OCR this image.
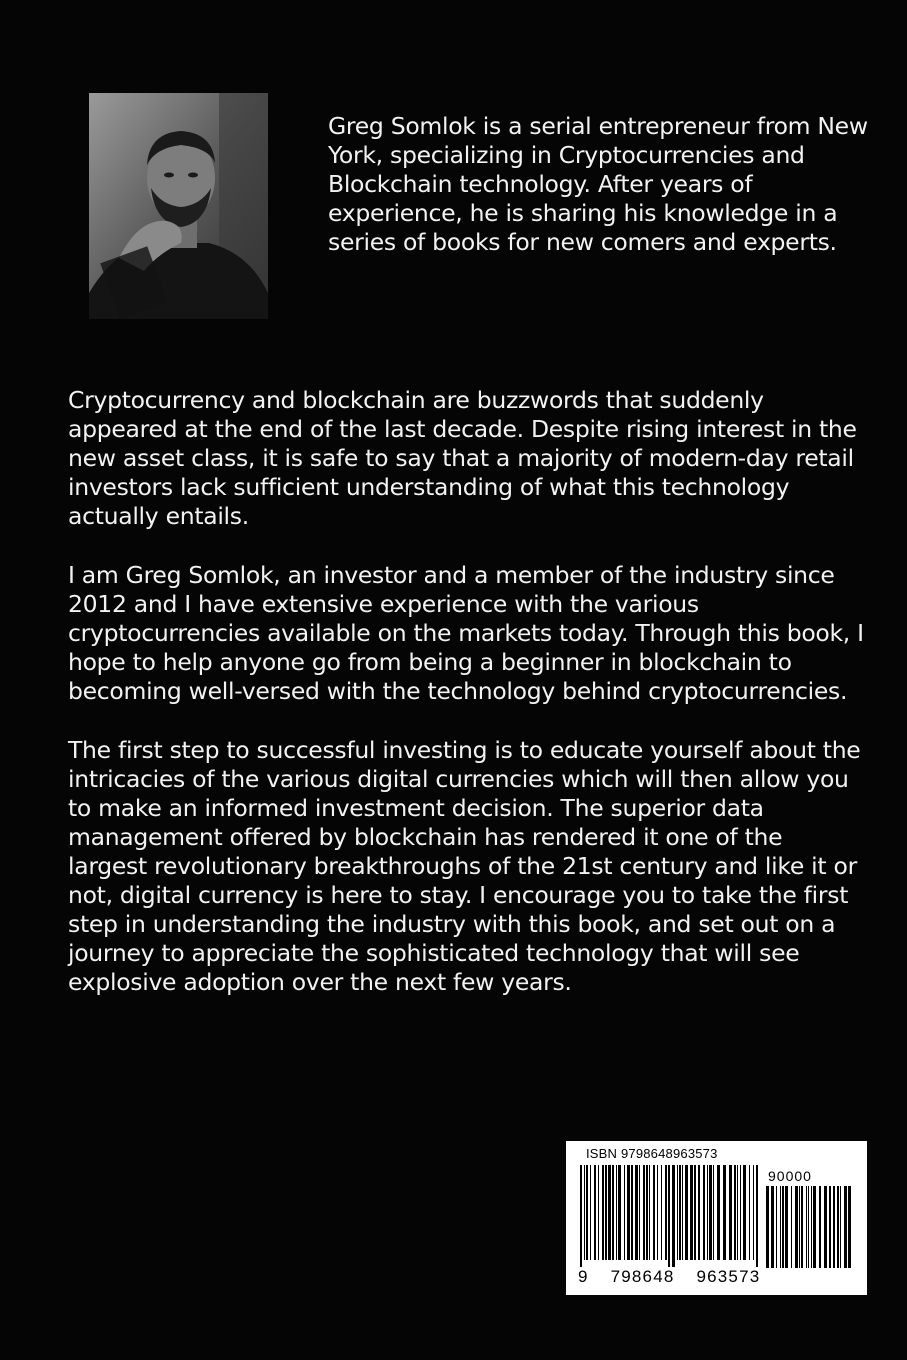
Greg Somlok is a serial entrepreneur from New York, specializing in Cryptocurrencies and Blockchain technology. After years of experience, he is sharing his knowledge in a series of books for new comers and experts.

Cryptocurrency and blockchain are buzzwords that suddenly appeared at the end of the last decade. Despite rising interest in the new asset class, it is safe to say that a majority of modern-day retail investors lack sufficient understanding of what this technology actually entails.

I am Greg Somlok, an investor and a member of the industry since 2012 and I have extensive experience with the various cryptocurrencies available on the markets today. Through this book, I hope to help anyone go from being a beginner in blockchain to becoming well-versed with the technology behind cryptocurrencies.

The first step to successful investing is to educate yourself about the intricacies of the various digital currencies which will then allow you to make an informed investment decision. The superior data management offered by blockchain has rendered it one of the largest revolutionary breakthroughs of the 21st century and like it or not, digital currency is here to stay. I encourage you to take the first step in understanding the industry with this book, and set out on a journey to appreciate the sophisticated technology that will see explosive adoption over the next few years.

ISBN 9798648963573
90000
9 798648 963573
